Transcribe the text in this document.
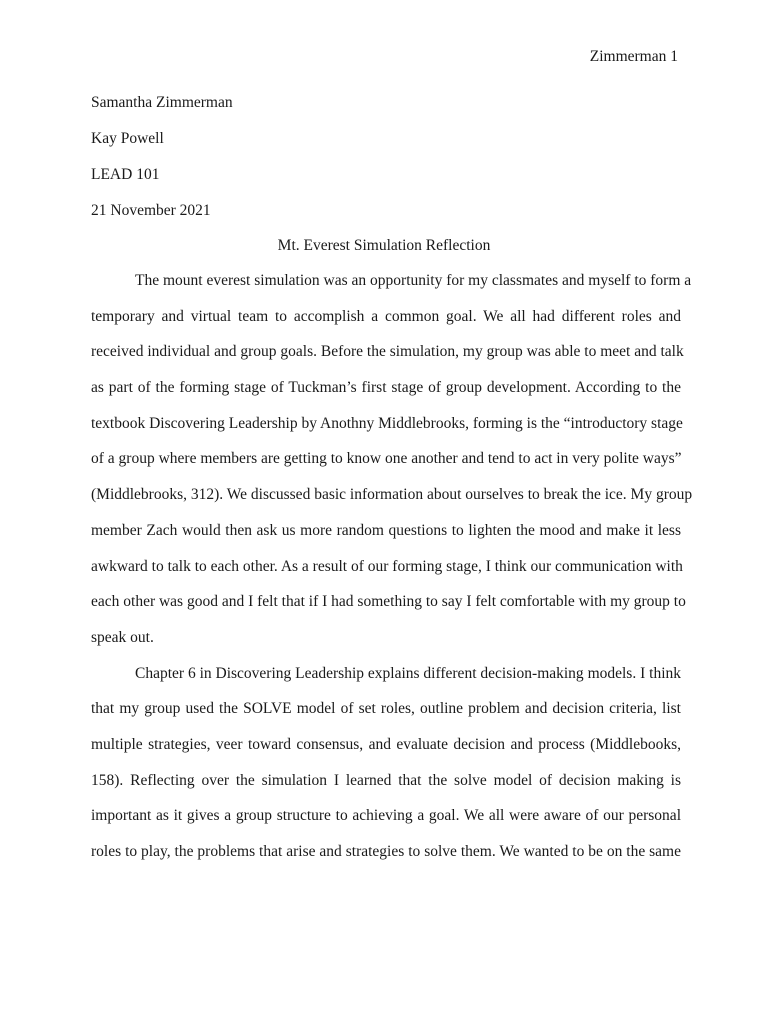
Zimmerman 1
Samantha Zimmerman
Kay Powell
LEAD 101
21 November 2021
Mt. Everest Simulation Reflection
The mount everest simulation was an opportunity for my classmates and myself to form a
temporary and virtual team to accomplish a common goal. We all had different roles and
received individual and group goals. Before the simulation, my group was able to meet and talk
as part of the forming stage of Tuckman’s first stage of group development. According to the
textbook Discovering Leadership by Anothny Middlebrooks, forming is the “introductory stage
of a group where members are getting to know one another and tend to act in very polite ways”
(Middlebrooks, 312). We discussed basic information about ourselves to break the ice. My group
member Zach would then ask us more random questions to lighten the mood and make it less
awkward to talk to each other. As a result of our forming stage, I think our communication with
each other was good and I felt that if I had something to say I felt comfortable with my group to
speak out.
Chapter 6 in Discovering Leadership explains different decision-making models. I think
that my group used the SOLVE model of set roles, outline problem and decision criteria, list
multiple strategies, veer toward consensus, and evaluate decision and process (Middlebooks,
158). Reflecting over the simulation I learned that the solve model of decision making is
important as it gives a group structure to achieving a goal. We all were aware of our personal
roles to play, the problems that arise and strategies to solve them. We wanted to be on the same
